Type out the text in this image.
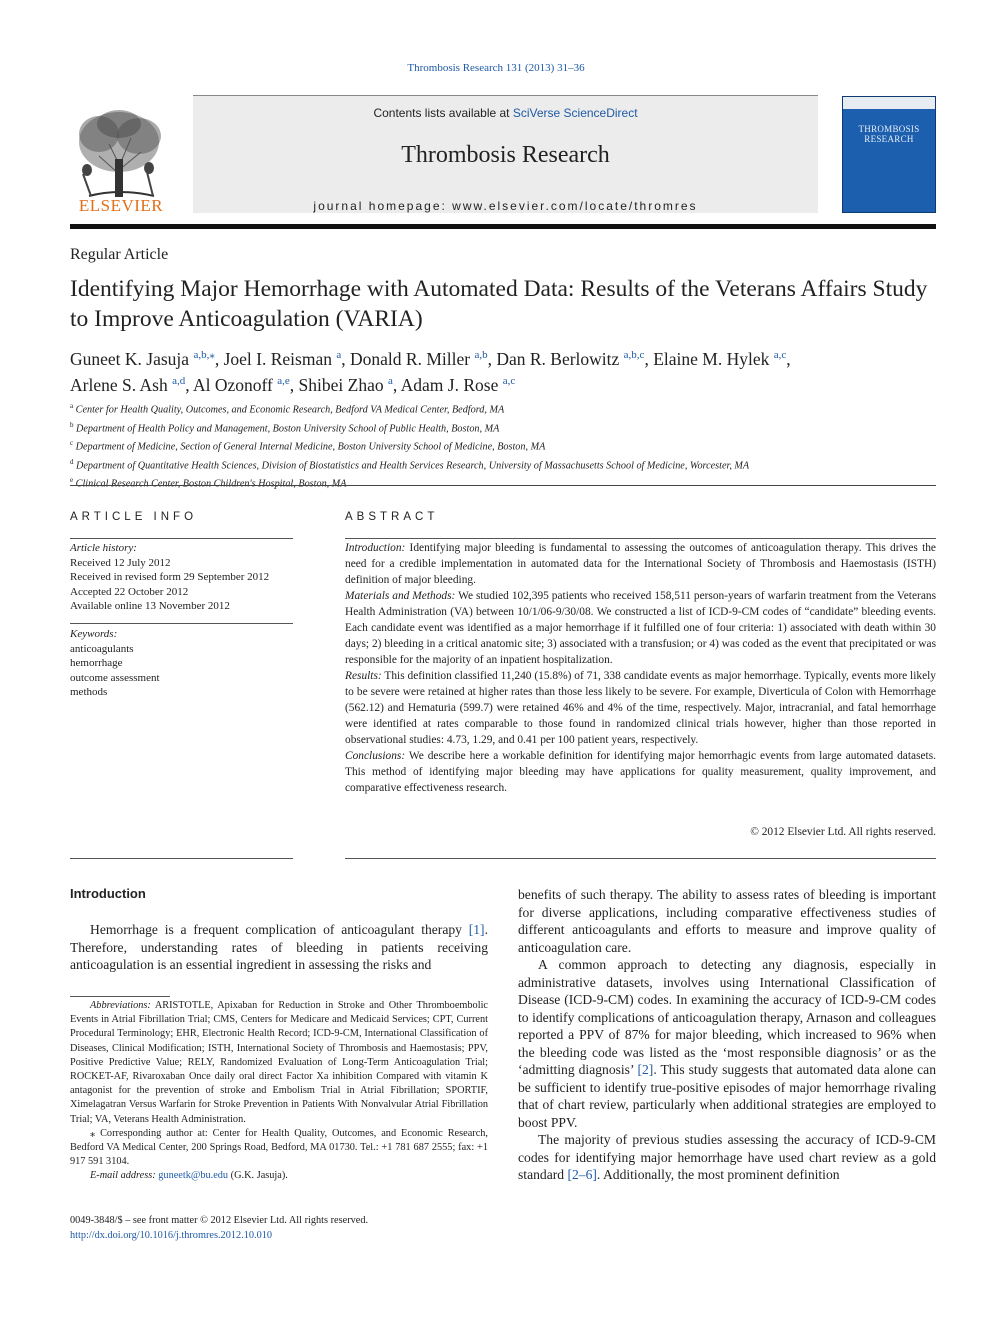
Thrombosis Research 131 (2013) 31–36
ELSEVIER
Contents lists available at SciVerse ScienceDirect
Thrombosis Research
journal homepage: www.elsevier.com/locate/thromres
THROMBOSIS
RESEARCH
Regular Article
Identifying Major Hemorrhage with Automated Data: Results of the Veterans Affairs Study to Improve Anticoagulation (VARIA)
Guneet K. Jasuja $^{a,b,⁎}$, Joel I. Reisman $^a$, Donald R. Miller $^{a,b}$, Dan R. Berlowitz $^{a,b,c}$, Elaine M. Hylek $^{a,c}$,
Arlene S. Ash $^{a,d}$, Al Ozonoff $^{a,e}$, Shibei Zhao $^a$, Adam J. Rose $^{a,c}$
$^a$ Center for Health Quality, Outcomes, and Economic Research, Bedford VA Medical Center, Bedford, MA
$^b$ Department of Health Policy and Management, Boston University School of Public Health, Boston, MA
$^c$ Department of Medicine, Section of General Internal Medicine, Boston University School of Medicine, Boston, MA
$^d$ Department of Quantitative Health Sciences, Division of Biostatistics and Health Services Research, University of Massachusetts School of Medicine, Worcester, MA
$^e$
ARTICLE INFO	ABSTRACT
Article history:
Received 12 July 2012
Received in revised form 29 September 2012
Accepted 22 October 2012
Available online 13 November 2012
Keywords:
anticoagulants
hemorrhage
outcome assessment
methods

Introduction: Identifying major bleeding is fundamental to assessing the outcomes of anticoagulation therapy. This drives the need for a credible implementation in automated data for the International Society of Thrombosis and Haemostasis (ISTH) definition of major bleeding.

Materials and Methods: We studied 102,395 patients who received 158,511 person-years of warfarin treatment from the Veterans Health Administration (VA) between 10/1/06-9/30/08. We constructed a list of ICD-9-CM codes of “candidate” bleeding events. Each candidate event was identified as a major hemorrhage if it fulfilled one of four criteria: 1) associated with death within 30 days; 2) bleeding in a critical anatomic site; 3) associated with a transfusion; or 4) was coded as the event that precipitated or was responsible for the majority of an inpatient hospitalization.

Results: This definition classified 11,240 (15.8%) of 71, 338 candidate events as major hemorrhage. Typically, events more likely to be severe were retained at higher rates than those less likely to be severe. For example, Diverticula of Colon with Hemorrhage (562.12) and Hematuria (599.7) were retained 46% and 4% of the time, respectively. Major, intracranial, and fatal hemorrhage were identified at rates comparable to those found in randomized clinical trials however, higher than those reported in observational studies: 4.73, 1.29, and 0.41 per 100 patient years, respectively.

Conclusions: We describe here a workable definition for identifying major hemorrhagic events from large automated datasets. This method of identifying major bleeding may have applications for quality measurement, quality improvement, and comparative effectiveness research.

© 2012 Elsevier Ltd. All rights reserved.
Introduction

Hemorrhage is a frequent complication of anticoagulant therapy [1]. Therefore, understanding rates of bleeding in patients receiving anticoagulation is an essential ingredient in assessing the risks and

benefits of such therapy. The ability to assess rates of bleeding is important for diverse applications, including comparative effectiveness studies of different anticoagulants and efforts to measure and improve quality of anticoagulation care.

A common approach to detecting any diagnosis, especially in administrative datasets, involves using International Classification of Disease (ICD-9-CM) codes. In examining the accuracy of ICD-9-CM codes to identify complications of anticoagulation therapy, Arnason and colleagues reported a PPV of 87% for major bleeding, which increased to 96% when the bleeding code was listed as the ‘most responsible diagnosis’ or as the ‘admitting diagnosis’ [2]. This study suggests that automated data alone can be sufficient to identify true-positive episodes of major hemorrhage rivaling that of chart review, particularly when additional strategies are employed to boost PPV.

The majority of previous studies assessing the accuracy of ICD-9-CM codes for identifying major hemorrhage have used chart review as a gold standard [2–6]. Additionally, the most prominent definition

Abbreviations: ARISTOTLE, Apixaban for Reduction in Stroke and Other Thromboembolic Events in Atrial Fibrillation Trial; CMS, Centers for Medicare and Medicaid Services; CPT, Current Procedural Terminology; EHR, Electronic Health Record; ICD-9-CM, International Classification of Diseases, Clinical Modification; ISTH, International Society of Thrombosis and Haemostasis; PPV, Positive Predictive Value; RELY, Randomized Evaluation of Long-Term Anticoagulation Trial; ROCKET-AF, Rivaroxaban Once daily oral direct Factor Xa inhibition Compared with vitamin K antagonist for the prevention of stroke and Embolism Trial in Atrial Fibrillation; SPORTIF, Ximelagatran Versus Warfarin for Stroke Prevention in Patients With Nonvalvular Atrial Fibrillation Trial; VA, Veterans Health Administration.

⁎ Corresponding author at: Center for Health Quality, Outcomes, and Economic Research, Bedford VA Medical Center, 200 Springs Road, Bedford, MA 01730. Tel.: +1 781 687 2555; fax: +1 917 591 3104.

E-mail address: guneetk@bu.edu (G.K. Jasuja).

0049-3848/$ – see front matter © 2012 Elsevier Ltd. All rights reserved.
http://dx.doi.org/10.1016/j.thromres.2012.10.010
